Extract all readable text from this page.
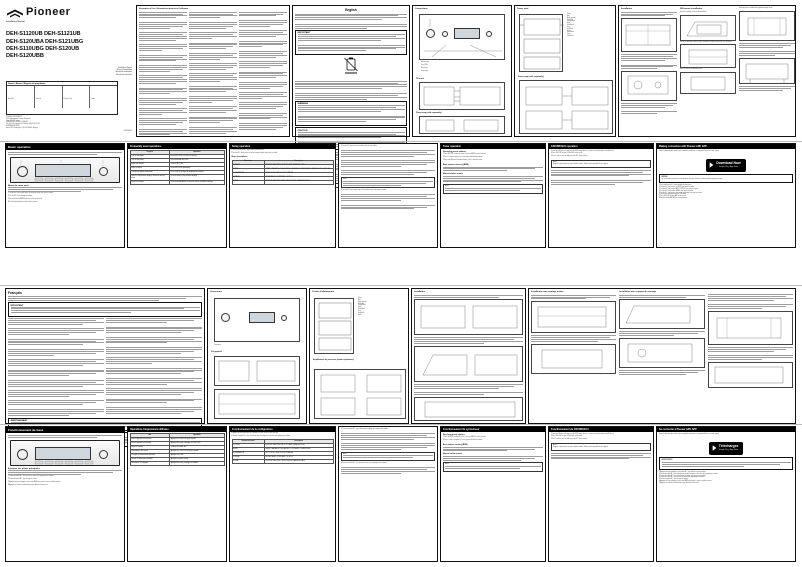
Pioneer
Installation Manual
DEH-S1120UB DEH-S1121UB
DEH-S120UBA DEH-S121UBG
DEH-S110UBG DEH-S120UB
DEH-S120UBB
Installation Manual
Manuel d'installation
Manual de instalación
Manual de instalação
Owner's Record / Registre du propriétaire
Model No.	Serial No.	Purchase Date	Dealer
PIONEER CORPORATION
28-8, Honkomagome 2-chome, Bunkyo-ku,
Tokyo 113-0021, Japan
PIONEER ELECTRONICS (USA) INC.
P.O. Box 1540, Long Beach, California 90801-1540, U.S.A.
PIONEER EUROPE NV
Haven 1087, Keetberglaan 1, B-9120 Melsele, Belgium
<QRD3260-A>
Information to User / Informations destinées à l'utilisateur	English
IMPORTANT
WARNING
CAUTION
Connections
Antenna input
Fuse (10 A)
Rear output
Front output
This unit
Power amp (sold separately)
Power cord
Yellow
Red
Black (ground)
Blue/white
Orange/white
White
White/black
Gray
Gray/black
Green
Green/black
Violet
Violet/black
Power amp (sold separately)
Installation	DIN mount installation
Insert the mounting sleeve into the dashboard.
Secure the mounting sleeve by using a screwdriver to bend the metal tabs (90°) into place.
Install the unit into the mounting sleeve.
Removing the unit installed with supplied mounting sleeve.
Basic operation
About the main parts
1 Turn the M.C. dial to adjust any of the setup/list values, then press to confirm.
2 Turn the M.C. dial to change the volume.
3 Press and hold the BAND button to turn the source on/off.
4 Touch the detach button to detach the face panel.
Frequently used operations
Purpose	Operation
Turn on the power	Press SRC/OFF to turn on the source.
Turn off the power	Press and hold SRC/OFF.
Adjust the volume	Turn the M.C. dial.
Select a source	Press SRC/OFF repeatedly.
Change the display information	Press DISP to change the displayed information.
Return to the previous display / Return to the top menu	Press to return to the previous display.
Reset the settings	Press and hold BAND/ to reset the unit to the default settings.
Setup operation
1 Press and hold the M.C. dial to display the main menu.
2 Turn the M.C. dial to select one of the categories below, then press to confirm.
Menu descriptions
Menu item	Description
SYSTEM	FM STEP / AM STEP / AUTO PI / AUX / REAR-SP / SLA
AUDIO	FADER / BALANCE / EQUALIZER / LOUDNESS / SUBWOOFER / BASS BOOST / HPF / SLA
ILLUMINATION	KEY COLOR / DISP COLOR / DIMMER
DISPLAY	BRIGHTNESS / CONTRAST / SCROLL
INITIAL	FM STEP / AM STEP / DAB / SP-P/O MODE / WARNING / AUX
3 Turn the M.C. dial to select the setting, then press to confirm.
NOTE
4 Turn the M.C. dial to adjust any of the setup/list values, then press to confirm.
Tuner operation
Receiving preset stations
1 Press SRC/OFF to select the tuner, then press BAND to select the band.
2 Press / to select a frequency. To seek, press and hold then release.
3 Press and hold one of the preset buttons 1 to 6 to store the station.
Best stations memory (BSM)
Manual station search
NOTE
CD/USB/AUX operation
1 Open the USB port cover and insert the USB storage device, or connect an auxiliary device to the AUX jack.
2 Press SRC/OFF to select USB or AUX as the source.
3 Use / to select a track or folder; press the M.C. dial to confirm.
NOTE
Playback is performed in the order of folder numbers. Folders without playable files are skipped.
Making connection with Pioneer ARC APP
Pioneer's dedicated app connects your compatible smartphone to a supported Pioneer car audio system.
Download Now
Google Play / App Store
WARNING
Do not attempt to operate the unit while driving. Park your vehicle in a safe place before operating the app.
1 Press and hold the M.C. dial to display the main menu.
2 Turn the M.C. dial to select SYSTEM, then press to confirm.
3 Turn the M.C. dial to select APP CONTROL, then press to confirm.
4 Turn the M.C. dial to select WIRED, then press to confirm.
5 Turn the M.C. dial to select the connection method, then press to confirm.
6 Connect the smartphone with the USB cable.
7 Press SRC/OFF to select APP as the source.
8 Start the Pioneer ARC APP on the smartphone.
Français
IMPORTANT
AVERTISSEMENT
Connexions
Connexions
Cet appareil
Cordon d'alimentation
Yellow
Red
Black (ground)
Blue/white
Orange/white
White
White/black
Gray
Gray/black
Green
Amplificateur de puissance (vendu séparément)
Installation	Installation avec montage arrière	Installation avec support de montage
Fonctionnement de base
À propos des pièces principales
1 Tournez la molette M.C. pour ajuster les valeurs, puis appuyez pour confirmer.
2 Tournez la molette M.C. pour changer le volume.
3 Appuyez de façon prolongée sur la touche BAND pour mettre la source sous/hors tension.
4 Appuyez sur la touche de détachement pour détacher la face avant.
Opérations fréquemment utilisées
But	Opération
Mettre l'appareil sous tension	Appuyez sur SRC/OFF pour l'activer.
Mettre l'appareil hors tension	Appuyez de façon prolongée sur SRC/OFF.
Régler le volume	Tournez la molette M.C.
Sélectionner une source	Appuyez sur SRC/OFF de façon répétée.
Changer les informations affichées	Appuyez sur DISP.
Revenir à l'affichage précédent	Appuyez sur pour revenir.
Réinitialiser les réglages	Appuyez de façon prolongée sur BAND/ .
Fonctionnement de la configuration
1 Appuyez de façon prolongée sur la molette M.C. pour afficher le menu principal.
2 Tournez la molette M.C. pour sélectionner une des catégories ci-dessous, puis appuyez pour valider.
Élément de menu	Description
SYSTEM	FM STEP / AM STEP / AUTO PI / AUX / REAR-SP / SLA
AUDIO	FADER / BALANCE / EQUALIZER / LOUDNESS / SUBWOOFER
ILLUMINATION	KEY COLOR / DISP COLOR / DIMMER
DISPLAY	BRIGHTNESS / CONTRAST / SCROLL
INITIAL	FM STEP / AM STEP / SP-P/O MODE / WARNING / AUX
3 Tournez la molette M.C. pour sélectionner le réglage, puis appuyez pour valider.
NOTE
4 Tournez la molette M.C. pour ajuster les valeurs, puis appuyez pour confirmer.
Fonctionnement du syntoniseur
Receiving preset stations
1 Press SRC/OFF to select the tuner, then press BAND to select the band.
2 Press / to select a frequency. To seek, press and hold then release.
Best stations memory (BSM)
Manual station search
NOTE
Fonctionnement du CD/USB/AUX
1 Open the USB port cover and insert the USB storage device, or connect an auxiliary device to the AUX jack.
2 Press SRC/OFF to select USB or AUX as the source.
3 Use / to select a track or folder; press the M.C. dial to confirm.
NOTE
Playback is performed in the order of folder numbers. Folders without playable files are skipped.
Se connecter à Pioneer ARC APP
Pioneer's dedicated app connects your compatible smartphone to a supported Pioneer car audio system.
Téléchargez
Google Play / App Store
AVERTISSEMENT
1 Appuyez de façon prolongée sur la molette M.C. pour afficher le menu principal.
2 Tournez la molette M.C. pour sélectionner une des catégories ci-dessous, puis appuyez pour valider.
3 Tournez la molette M.C. pour sélectionner le réglage, puis appuyez pour valider.
4 Tournez la molette M.C. pour ajuster les valeurs, puis appuyez pour confirmer.
5 Tournez la molette M.C. pour changer le volume.
6 Appuyez de façon prolongée sur la touche BAND pour mettre la source sous/hors tension.
7 Appuyez sur la touche de détachement pour détacher la face avant.
